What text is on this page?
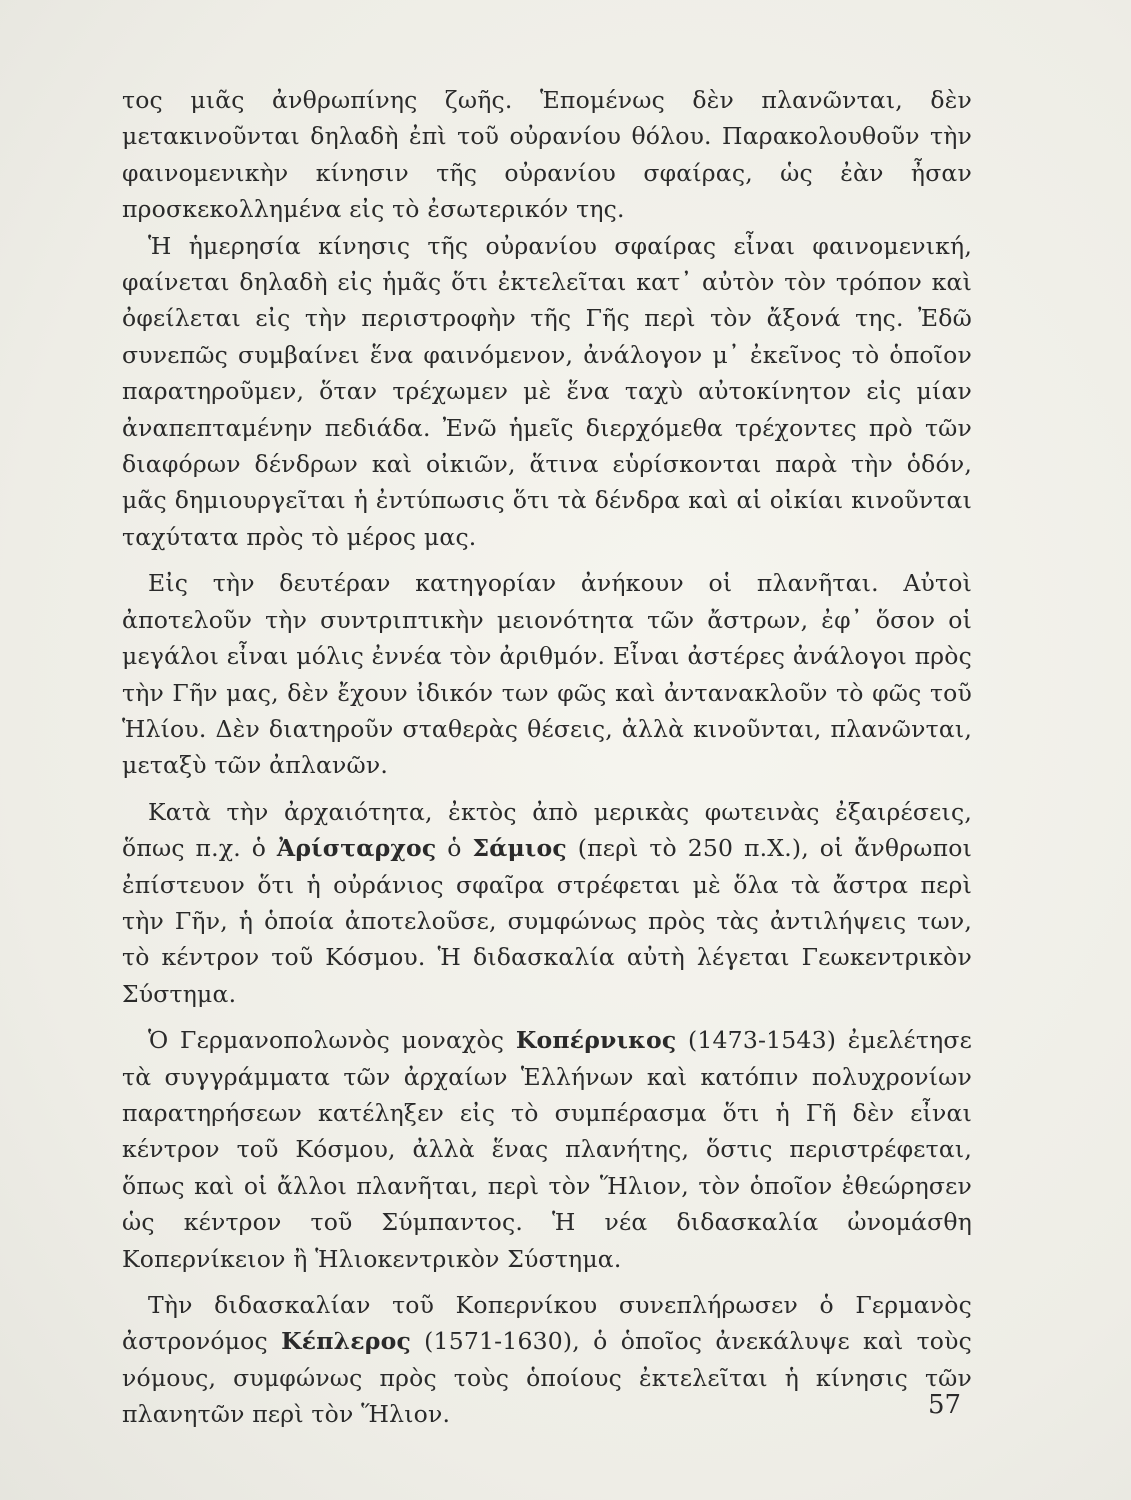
τος μιᾶς ἀνθρωπίνης ζωῆς. Ἑπομένως δὲν πλανῶνται, δὲν μετακινοῦνται δηλαδὴ ἐπὶ τοῦ οὐρανίου θόλου. Παρακολουθοῦν τὴν φαινομενικὴν κίνησιν τῆς οὐρανίου σφαίρας, ὡς ἐὰν ἦσαν προσκεκολλημένα εἰς τὸ ἐσωτερικόν της.

Ἡ ἡμερησία κίνησις τῆς οὐρανίου σφαίρας εἶναι φαινομενική, φαίνεται δηλαδὴ εἰς ἡμᾶς ὅτι ἐκτελεῖται κατ᾽ αὐτὸν τὸν τρόπον καὶ ὀφείλεται εἰς τὴν περιστροφὴν τῆς Γῆς περὶ τὸν ἄξονά της. Ἐδῶ συνεπῶς συμβαίνει ἕνα φαινόμενον, ἀνάλογον μ᾽ ἐκεῖνος τὸ ὁποῖον παρατηροῦμεν, ὅταν τρέχωμεν μὲ ἕνα ταχὺ αὐτοκίνητον εἰς μίαν ἀναπεπταμένην πεδιάδα. Ἐνῶ ἡμεῖς διερχόμεθα τρέχοντες πρὸ τῶν διαφόρων δένδρων καὶ οἰκιῶν, ἅτινα εὑρίσκονται παρὰ τὴν ὁδόν, μᾶς δημιουργεῖται ἡ ἐντύπωσις ὅτι τὰ δένδρα καὶ αἱ οἰκίαι κινοῦνται ταχύτατα πρὸς τὸ μέρος μας.

Εἰς τὴν δευτέραν κατηγορίαν ἀνήκουν οἱ πλανῆται. Αὐτοὶ ἀποτελοῦν τὴν συντριπτικὴν μειονότητα τῶν ἄστρων, ἐφ᾽ ὅσον οἱ μεγάλοι εἶναι μόλις ἐννέα τὸν ἀριθμόν. Εἶναι ἀστέρες ἀνάλογοι πρὸς τὴν Γῆν μας, δὲν ἔχουν ἰδικόν των φῶς καὶ ἀντανακλοῦν τὸ φῶς τοῦ Ἡλίου. Δὲν διατηροῦν σταθερὰς θέσεις, ἀλλὰ κινοῦνται, πλανῶνται, μεταξὺ τῶν ἀπλανῶν.

Κατὰ τὴν ἀρχαιότητα, ἐκτὸς ἀπὸ μερικὰς φωτεινὰς ἐξαιρέσεις, ὅπως π.χ. ὁ Ἀρίσταρχος ὁ Σάμιος (περὶ τὸ 250 π.Χ.), οἱ ἄνθρωποι ἐπίστευον ὅτι ἡ οὐράνιος σφαῖρα στρέφεται μὲ ὅλα τὰ ἄστρα περὶ τὴν Γῆν, ἡ ὁποία ἀποτελοῦσε, συμφώνως πρὸς τὰς ἀντιλήψεις των, τὸ κέντρον τοῦ Κόσμου. Ἡ διδασκαλία αὐτὴ λέγεται Γεωκεντρικὸν Σύστημα.

Ὁ Γερμανοπολωνὸς μοναχὸς Κοπέρνικος (1473-1543) ἐμελέτησε τὰ συγγράμματα τῶν ἀρχαίων Ἑλλήνων καὶ κατόπιν πολυχρονίων παρατηρήσεων κατέληξεν εἰς τὸ συμπέρασμα ὅτι ἡ Γῆ δὲν εἶναι κέντρον τοῦ Κόσμου, ἀλλὰ ἕνας πλανήτης, ὅστις περιστρέφεται, ὅπως καὶ οἱ ἄλλοι πλανῆται, περὶ τὸν Ἥλιον, τὸν ὁποῖον ἐθεώρησεν ὡς κέντρον τοῦ Σύμπαντος. Ἡ νέα διδασκαλία ὠνομάσθη Κοπερνίκειον ἢ Ἡλιοκεντρικὸν Σύστημα.

Τὴν διδασκαλίαν τοῦ Κοπερνίκου συνεπλήρωσεν ὁ Γερμανὸς ἀστρονόμος Κέπλερος (1571-1630), ὁ ὁποῖος ἀνεκάλυψε καὶ τοὺς νόμους, συμφώνως πρὸς τοὺς ὁποίους ἐκτελεῖται ἡ κίνησις τῶν πλανητῶν περὶ τὸν Ἥλιον.	57
